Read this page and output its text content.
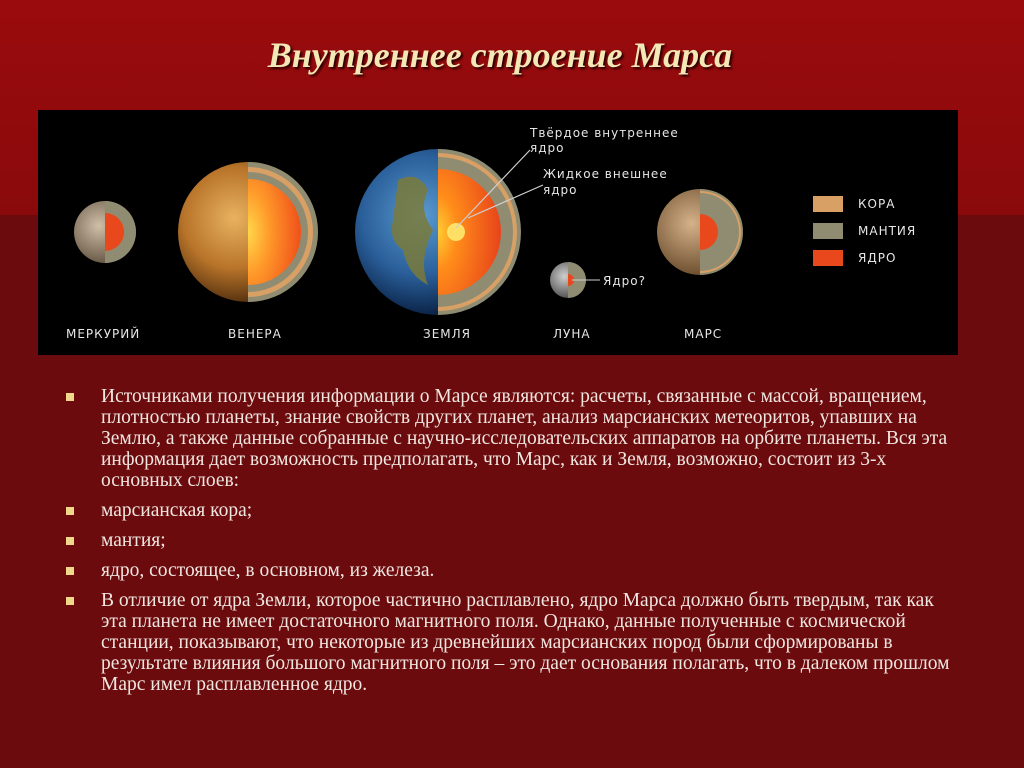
Внутреннее строение Марса
Твёрдое внутреннее
ядро
Жидкое внешнее
ядро
Ядро?
КОРА
МАНТИЯ
ЯДРО
МЕРКУРИЙ	ВЕНЕРА	ЗЕМЛЯ	ЛУНА	МАРС
Источниками получения информации о Марсе являются: расчеты, связанные с массой, вращением, плотностью планеты, знание свойств других планет, анализ марсианских метеоритов, упавших на Землю, а также данные собранные с научно-исследовательских аппаратов на орбите планеты. Вся эта информация дает возможность предполагать, что Марс, как и Земля, возможно, состоит из 3-х основных слоев:
марсианская кора;
мантия;
ядро, состоящее, в основном, из железа.
В отличие от ядра Земли, которое частично расплавлено, ядро Марса должно быть твердым, так как эта планета не имеет достаточного магнитного поля. Однако, данные полученные с космической станции, показывают, что некоторые из древнейших марсианских пород были сформированы в результате влияния большого магнитного поля – это дает основания полагать, что в далеком прошлом Марс имел расплавленное ядро.
